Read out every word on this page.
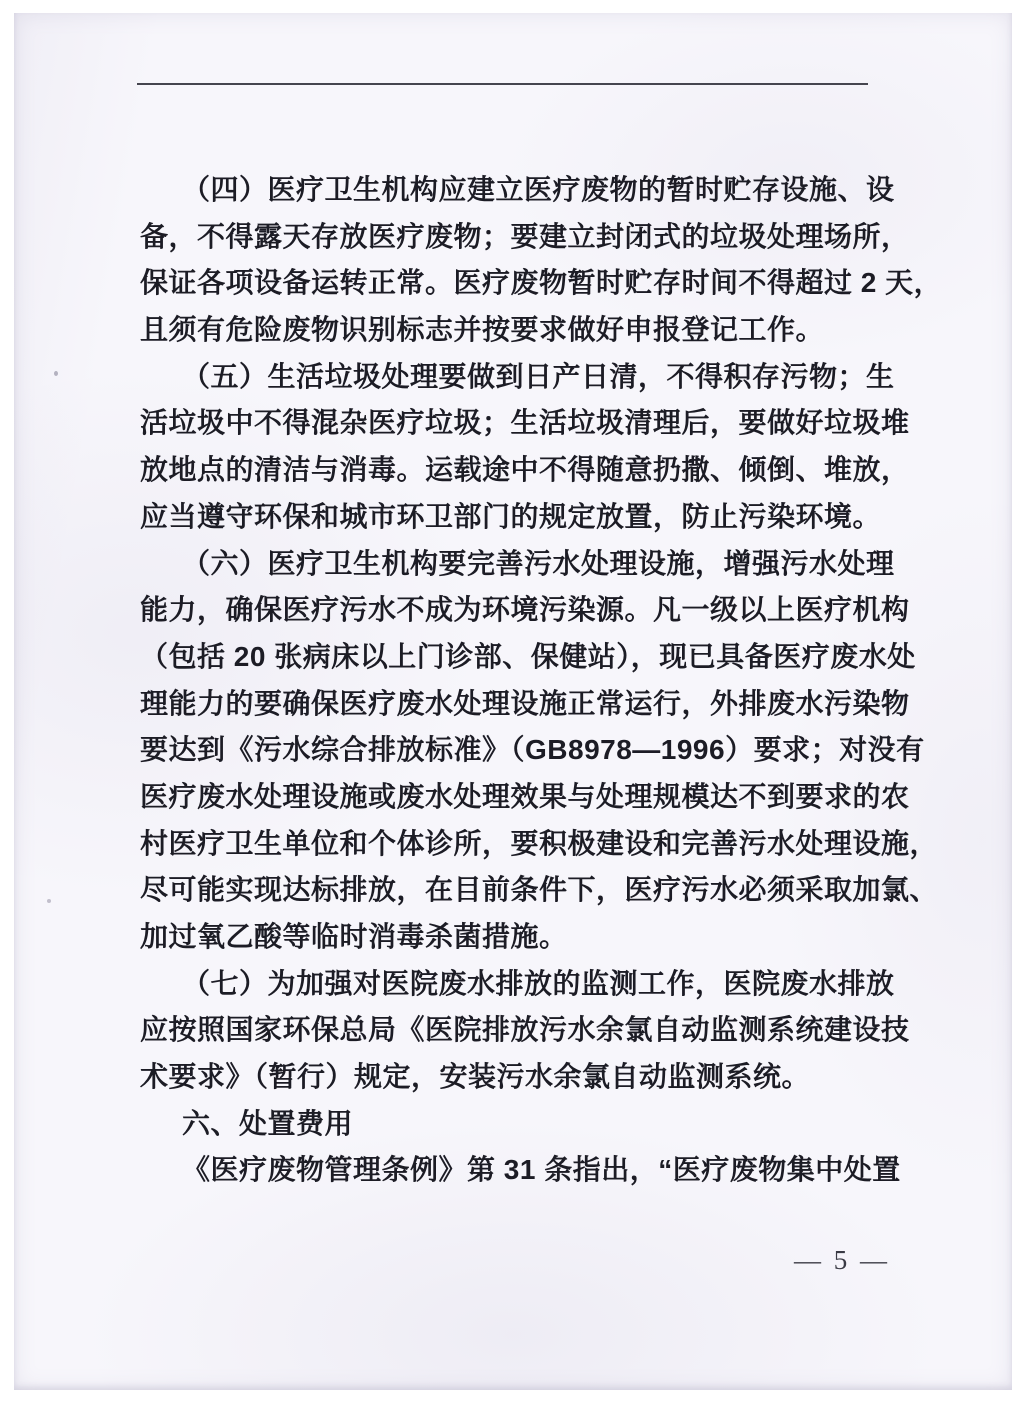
（四）医疗卫生机构应建立医疗废物的暂时贮存设施、设
备，不得露天存放医疗废物；要建立封闭式的垃圾处理场所，
保证各项设备运转正常。医疗废物暂时贮存时间不得超过 2 天，
且须有危险废物识别标志并按要求做好申报登记工作。
（五）生活垃圾处理要做到日产日清，不得积存污物；生
活垃圾中不得混杂医疗垃圾；生活垃圾清理后，要做好垃圾堆
放地点的清洁与消毒。运载途中不得随意扔撒、倾倒、堆放，
应当遵守环保和城市环卫部门的规定放置，防止污染环境。
（六）医疗卫生机构要完善污水处理设施，增强污水处理
能力，确保医疗污水不成为环境污染源。凡一级以上医疗机构
（包括 20 张病床以上门诊部、保健站），现已具备医疗废水处
理能力的要确保医疗废水处理设施正常运行，外排废水污染物
要达到《污水综合排放标准》（GB8978—1996）要求；对没有
医疗废水处理设施或废水处理效果与处理规模达不到要求的农
村医疗卫生单位和个体诊所，要积极建设和完善污水处理设施，
尽可能实现达标排放，在目前条件下，医疗污水必须采取加氯、
加过氧乙酸等临时消毒杀菌措施。
（七）为加强对医院废水排放的监测工作，医院废水排放
应按照国家环保总局《医院排放污水余氯自动监测系统建设技
术要求》（暂行）规定，安装污水余氯自动监测系统。
六、处置费用
《医疗废物管理条例》第 31 条指出，“医疗废物集中处置
— 5 —
